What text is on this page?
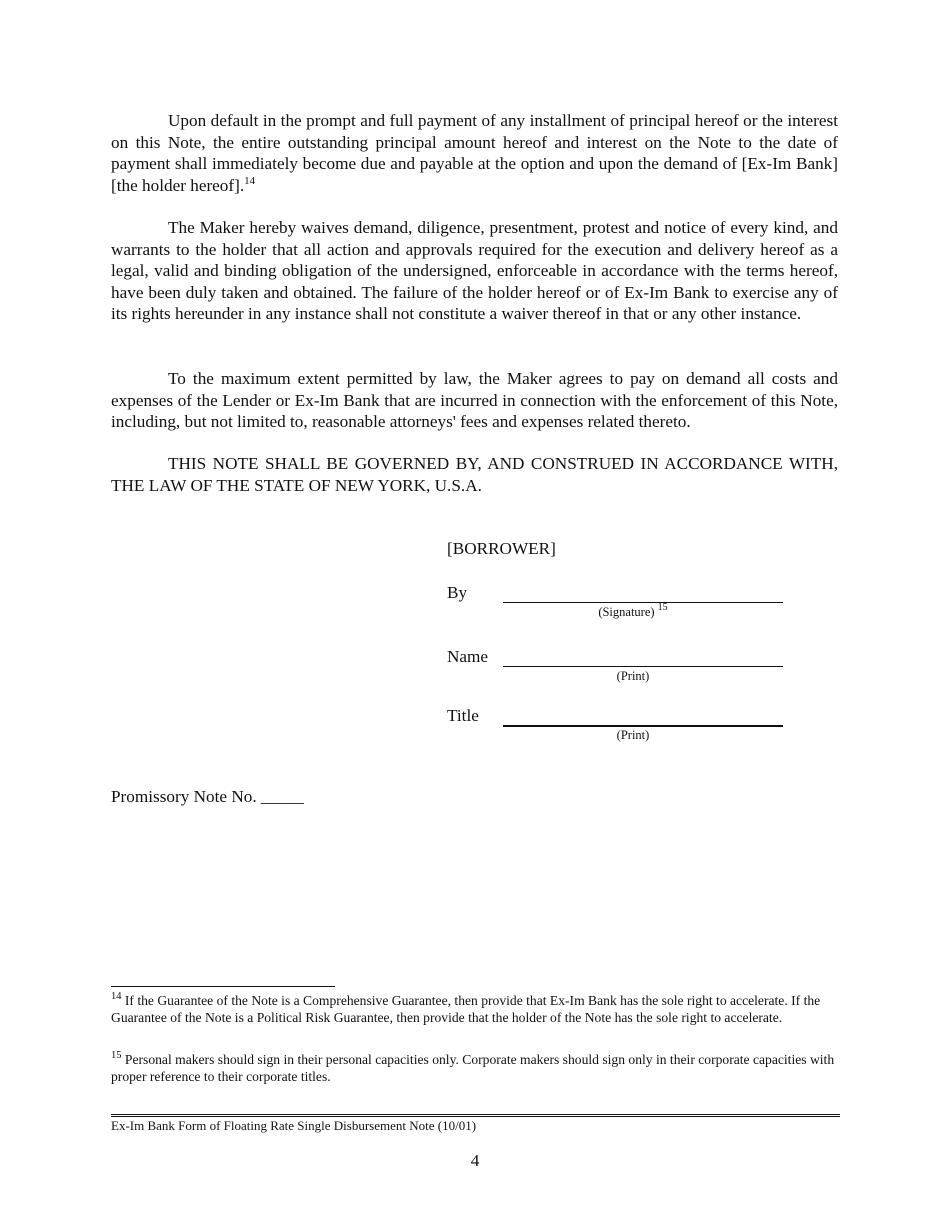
Upon default in the prompt and full payment of any installment of principal hereof or the interest on this Note, the entire outstanding principal amount hereof and interest on the Note to the date of payment shall immediately become due and payable at the option and upon the demand of [Ex-Im Bank][the holder hereof].$^{14}$

The Maker hereby waives demand, diligence, presentment, protest and notice of every kind, and warrants to the holder that all action and approvals required for the execution and delivery hereof as a legal, valid and binding obligation of the undersigned, enforceable in accordance with the terms hereof, have been duly taken and obtained. The failure of the holder hereof or of Ex-Im Bank to exercise any of its rights hereunder in any instance shall not constitute a waiver thereof in that or any other instance.

To the maximum extent permitted by law, the Maker agrees to pay on demand all costs and expenses of the Lender or Ex-Im Bank that are incurred in connection with the enforcement of this Note, including, but not limited to, reasonable attorneys' fees and expenses related thereto.

THIS NOTE SHALL BE GOVERNED BY, AND CONSTRUED IN ACCORDANCE WITH, THE LAW OF THE STATE OF NEW YORK, U.S.A.

[BORROWER]
By
(Signature) $^{15}$
Name
(Print)
Title
(Print)
Promissory Note No. _____

$^{14}$ If the Guarantee of the Note is a Comprehensive Guarantee, then provide that Ex-Im Bank has the sole right to accelerate. If the Guarantee of the Note is a Political Risk Guarantee, then provide that the holder of the Note has the sole right to accelerate.

$^{15}$ Personal makers should sign in their personal capacities only. Corporate makers should sign only in their corporate capacities with proper reference to their corporate titles.

Ex-Im Bank Form of Floating Rate Single Disbursement Note (10/01)
4
